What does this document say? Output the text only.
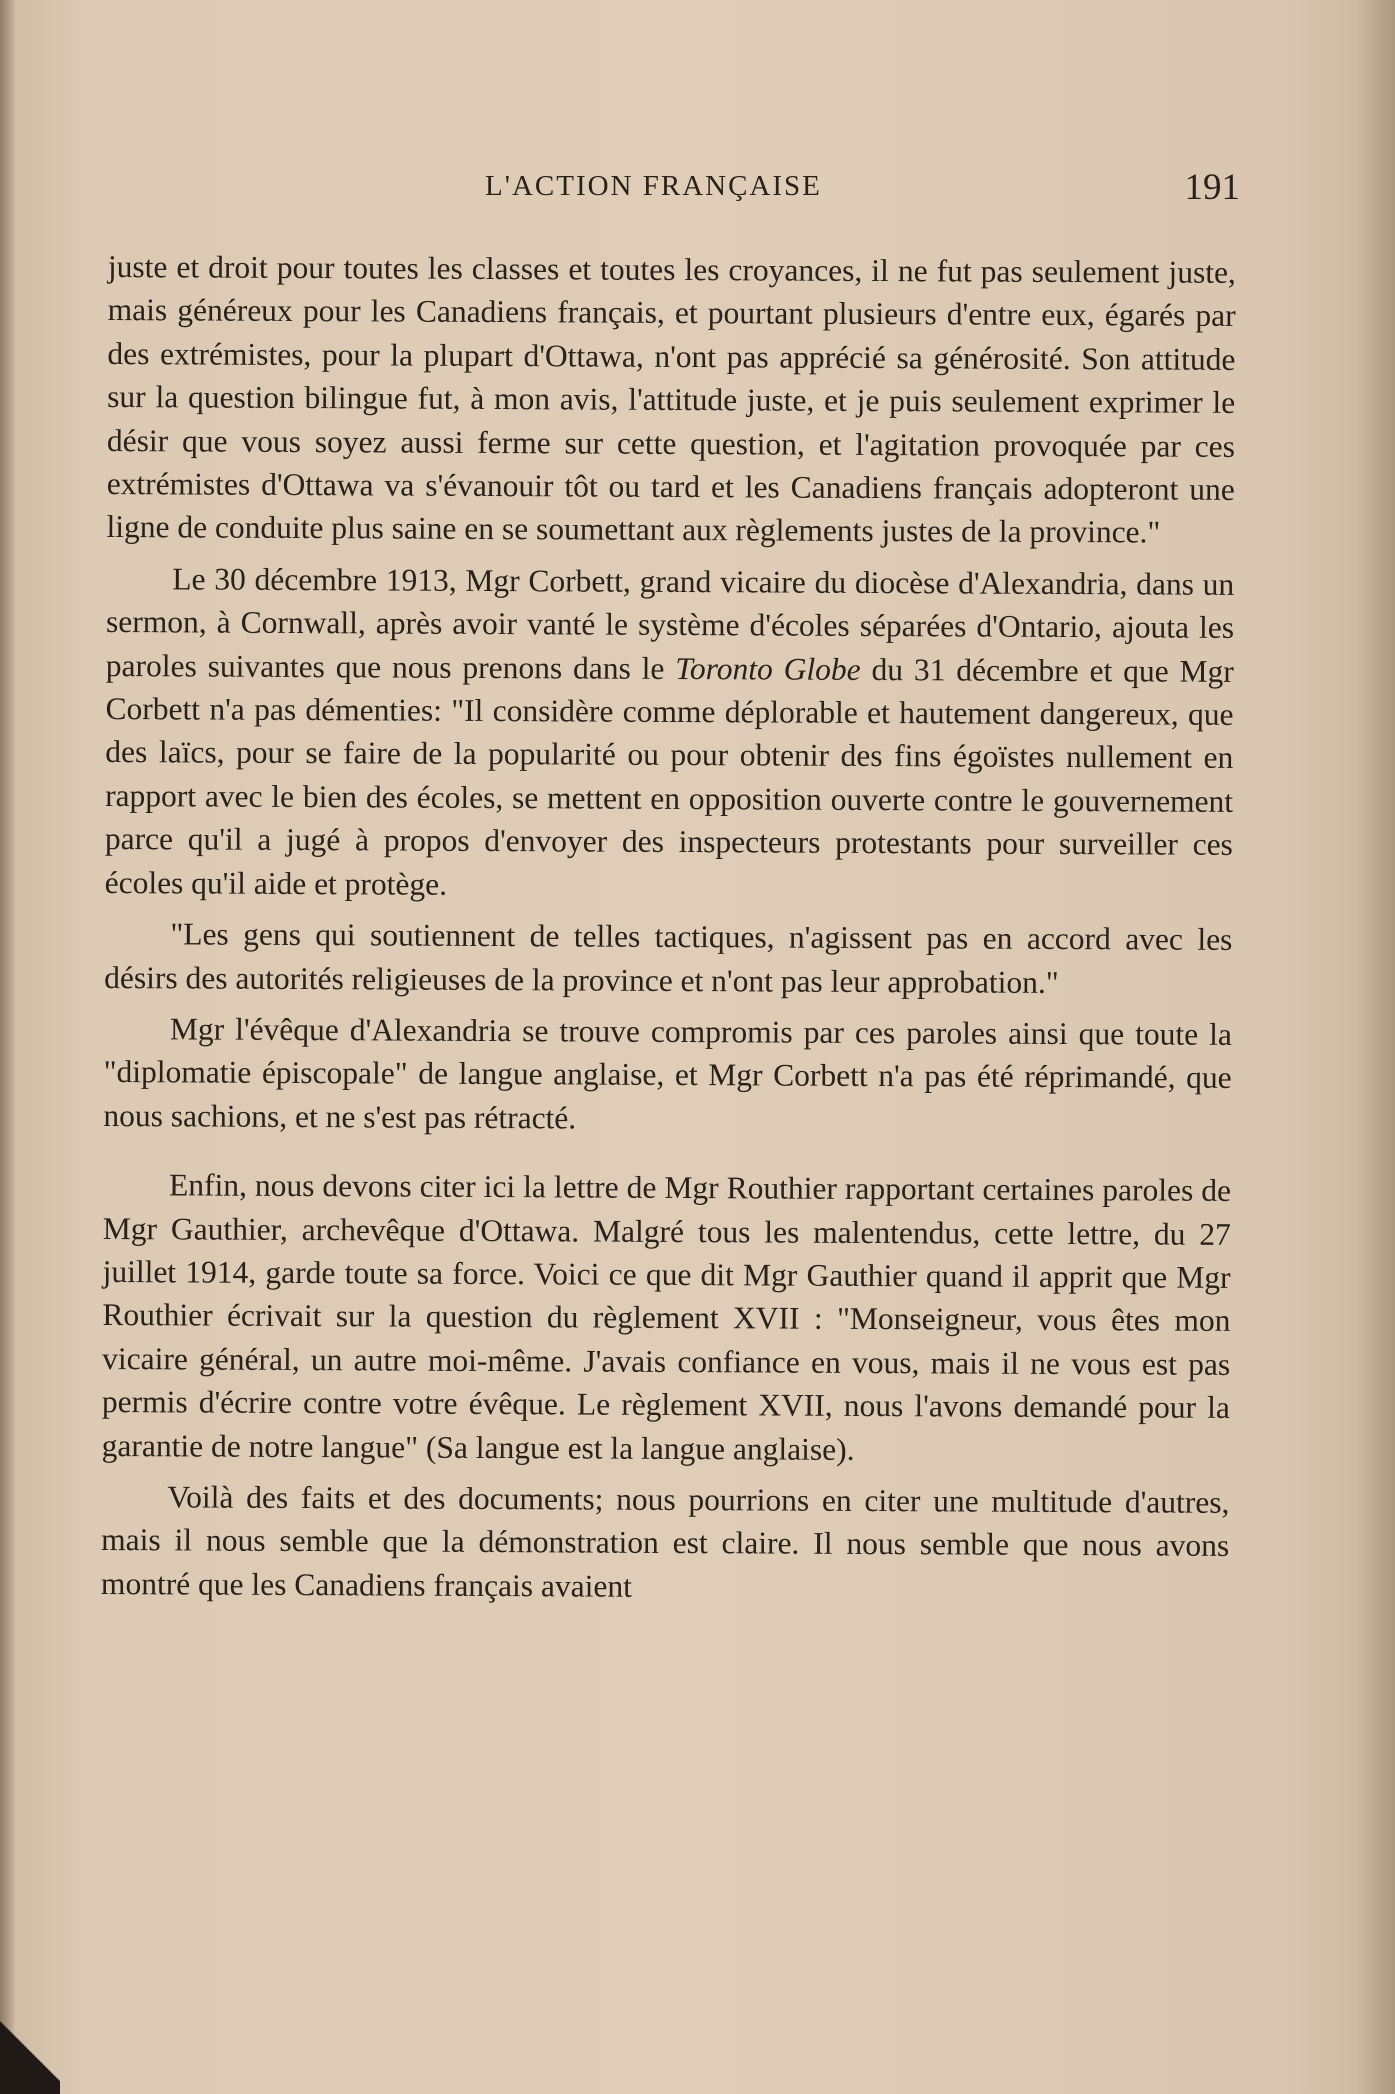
L'ACTION FRANÇAISE	191

juste et droit pour toutes les classes et toutes les croyances, il ne fut pas seulement juste, mais généreux pour les Canadiens français, et pourtant plusieurs d'entre eux, égarés par des extrémistes, pour la plupart d'Ottawa, n'ont pas apprécié sa générosité. Son attitude sur la question bilingue fut, à mon avis, l'attitude juste, et je puis seulement exprimer le désir que vous soyez aussi ferme sur cette question, et l'agitation provoquée par ces extrémistes d'Ottawa va s'évanouir tôt ou tard et les Canadiens français adopteront une ligne de conduite plus saine en se soumettant aux règlements justes de la province."

Le 30 décembre 1913, Mgr Corbett, grand vicaire du diocèse d'Alexandria, dans un sermon, à Cornwall, après avoir vanté le système d'écoles séparées d'Ontario, ajouta les paroles suivantes que nous prenons dans le Toronto Globe du 31 décembre et que Mgr Corbett n'a pas démenties: "Il considère comme déplorable et hautement dangereux, que des laïcs, pour se faire de la popularité ou pour obtenir des fins égoïstes nullement en rapport avec le bien des écoles, se mettent en opposition ouverte contre le gouvernement parce qu'il a jugé à propos d'envoyer des inspecteurs protestants pour surveiller ces écoles qu'il aide et protège.

"Les gens qui soutiennent de telles tactiques, n'agissent pas en accord avec les désirs des autorités religieuses de la province et n'ont pas leur approbation."

Mgr l'évêque d'Alexandria se trouve compromis par ces paroles ainsi que toute la "diplomatie épiscopale" de langue anglaise, et Mgr Corbett n'a pas été réprimandé, que nous sachions, et ne s'est pas rétracté.

Enfin, nous devons citer ici la lettre de Mgr Routhier rapportant certaines paroles de Mgr Gauthier, archevêque d'Ottawa. Malgré tous les malentendus, cette lettre, du 27 juillet 1914, garde toute sa force. Voici ce que dit Mgr Gauthier quand il apprit que Mgr Routhier écrivait sur la question du règlement XVII : "Monseigneur, vous êtes mon vicaire général, un autre moi-même. J'avais confiance en vous, mais il ne vous est pas permis d'écrire contre votre évêque. Le règlement XVII, nous l'avons demandé pour la garantie de notre langue" (Sa langue est la langue anglaise).

Voilà des faits et des documents; nous pourrions en citer une multitude d'autres, mais il nous semble que la démonstration est claire. Il nous semble que nous avons montré que les Canadiens français avaient
